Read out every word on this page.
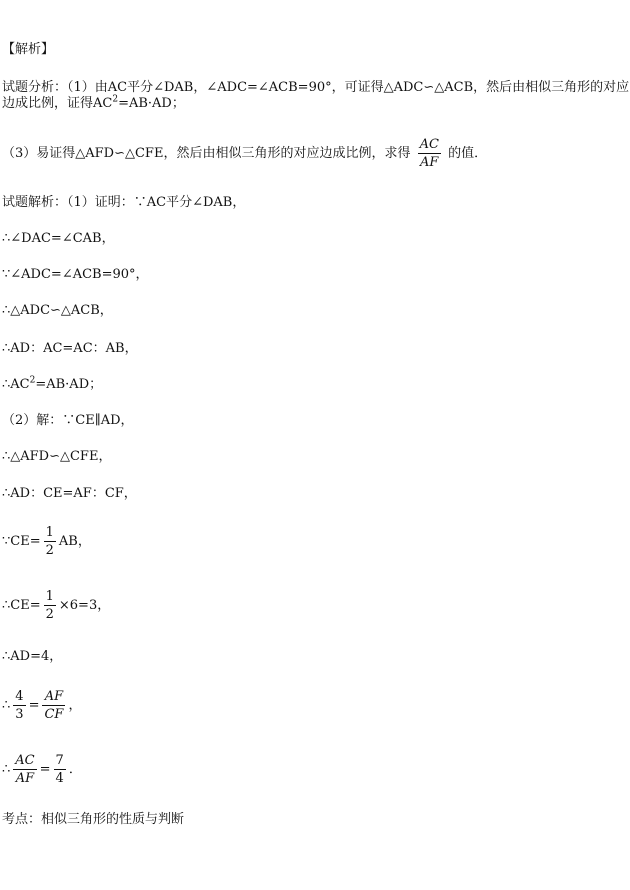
【解析】
试题分析：（1）由AC平分∠DAB，∠ADC=∠ACB=90°，可证得△ADC∽△ACB，然后由相似三角形的对应
边成比例，证得$AC^2=AB\cdot AD$；
（3）易证得△AFD∽△CFE，然后由相似三角形的对应边成比例，求得 $\frac{AC}{AF}$ 的值．
试题解析：（1）证明：∵AC平分∠DAB，
∴∠DAC=∠CAB，
∵∠ADC=∠ACB=90°，
∴△ADC∽△ACB，
∴AD：AC=AC：AB，
$\therefore AC^2=AB\cdot AD$；
（2）解：∵CE∥AD，
∴△AFD∽△CFE，
∴AD：CE=AF：CF，
∵CE= $\frac{1}{2}$ AB，
∴CE= $\frac{1}{2} \times 6=3$，
∴AD=4，
∴ $\frac{4}{3} = \frac{AF}{CF}$ ，
∴ $\frac{AC}{AF} = \frac{7}{4}$ ．
考点：相似三角形的性质与判断
